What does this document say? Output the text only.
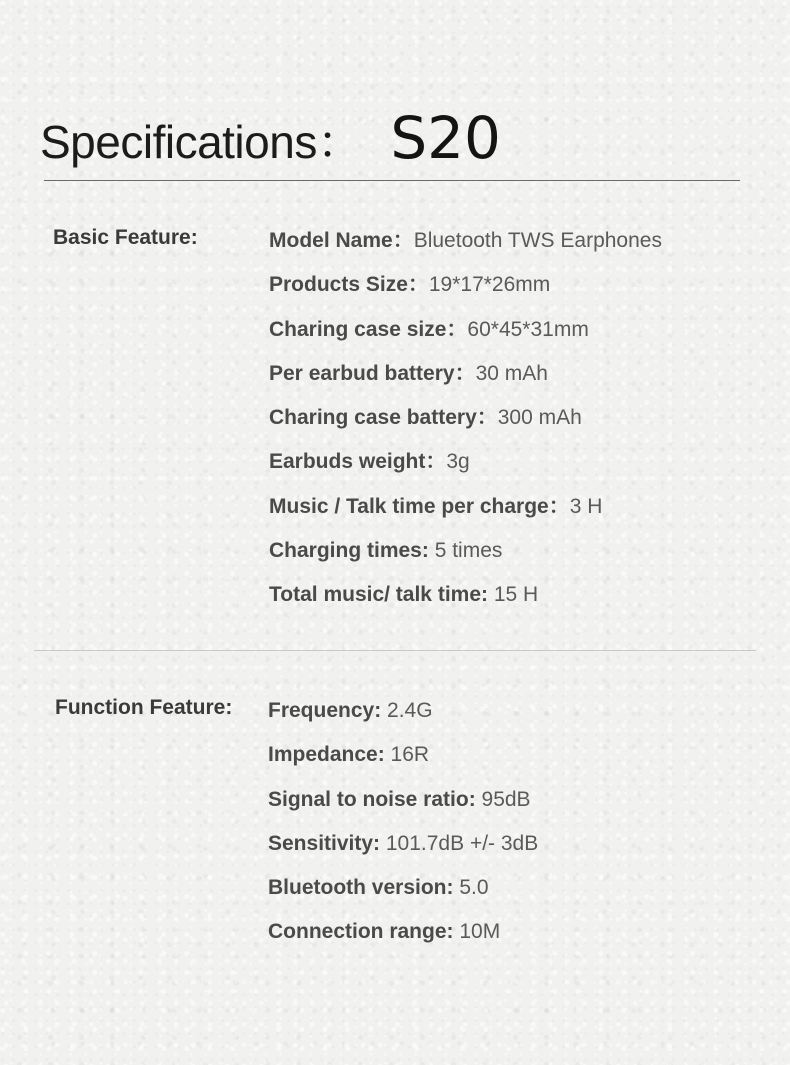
Specifications： S20
Basic Feature:	Model Name：Bluetooth TWS Earphones
Products Size：19*17*26mm
Charing case size：60*45*31mm
Per earbud battery：30 mAh
Charing case battery：300 mAh
Earbuds weight：3g
Music / Talk time per charge：3 H
Charging times: 5 times
Total music/ talk time: 15 H
Function Feature: Frequency: 2.4G
Impedance: 16R
Signal to noise ratio: 95dB
Sensitivity: 101.7dB +/- 3dB
Bluetooth version: 5.0
Connection range: 10M
